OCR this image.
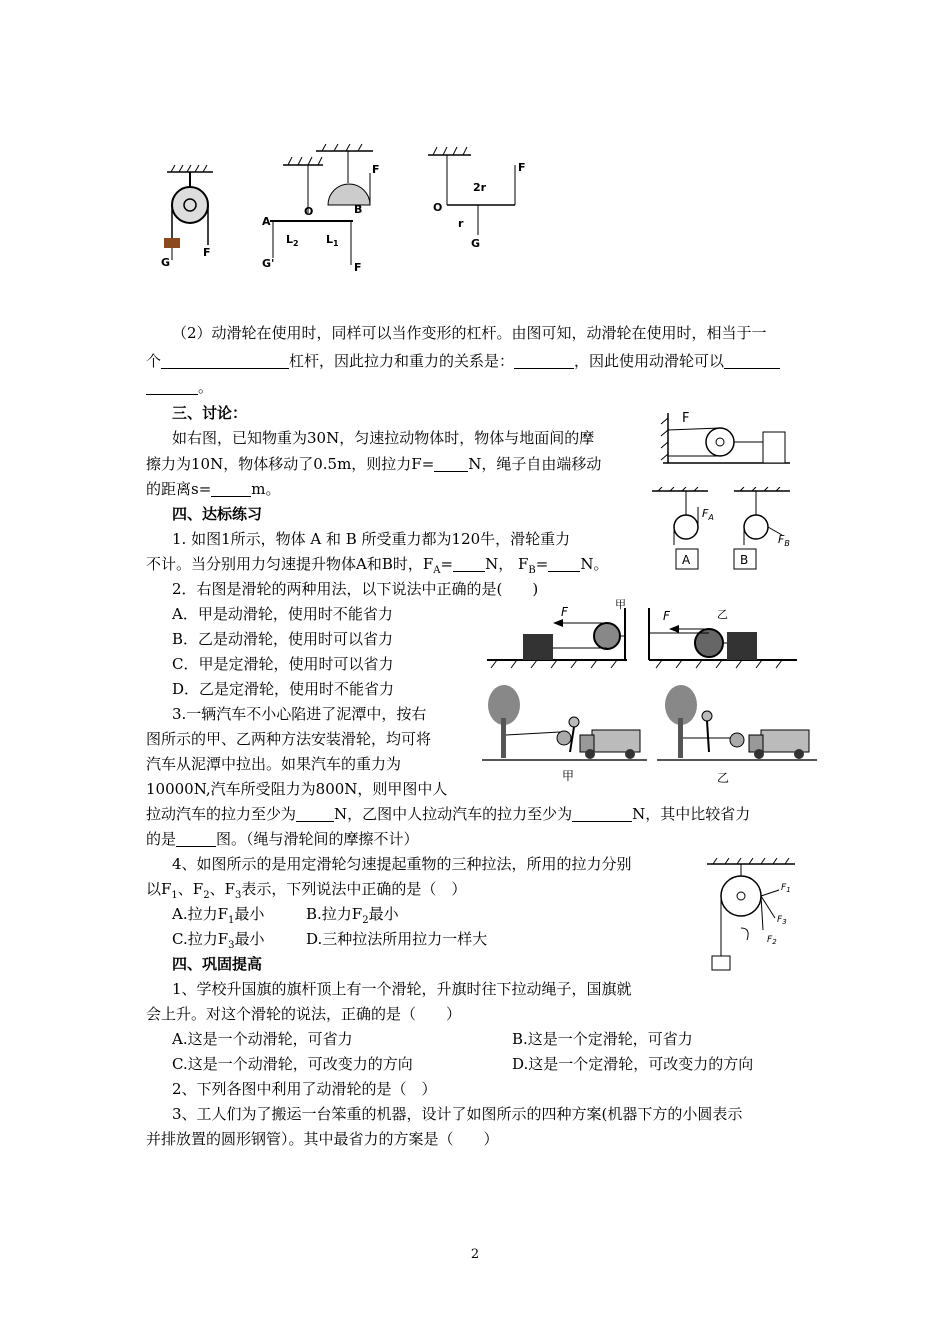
G
F
A
O	B
$L_2$ $L_1$
G'	F
F
O
F
2r
r
G
（2）动滑轮在使用时，同样可以当作变形的杠杆。由图可知，动滑轮在使用时，相当于一
个	杠杆，因此拉力和重力的关系是：	，因此使用动滑轮可以
。
F
三、讨论：
如右图，已知物重为30N，匀速拉动物体时，物体与地面间的摩
擦力为10N，物体移动了0.5m，则拉力F= N，绳子自由端移动
的距离s=	m。
A
$F_A$
B
$F_B$
四、达标练习
1. 如图1所示，物体 A 和 B 所受重力都为120牛，滑轮重力
不计。当分别用力匀速提升物体A和B时，$F_A= N$， $F_B= N$。
2．右图是滑轮的两种用法，以下说法中正确的是(　　)
A．甲是动滑轮，使用时不能省力
B．乙是动滑轮，使用时可以省力
C．甲是定滑轮，使用时可以省力
D．乙是定滑轮，使用时不能省力
F
甲
F	乙
甲	乙
3.一辆汽车不小心陷进了泥潭中，按右
图所示的甲、乙两种方法安装滑轮，均可将
汽车从泥潭中拉出。如果汽车的重力为
10000N,汽车所受阻力为800N，则甲图中人
拉动汽车的拉力至少为	N，乙图中人拉动汽车的拉力至少为	N，其中比较省力
的是	图。（绳与滑轮间的摩擦不计）
$F_1$
$F_2$
$F_3$
4、如图所示的是用定滑轮匀速提起重物的三种拉法，所用的拉力分别
以$F_1$、$F_2$、$F_3$表示，下列说法中正确的是（　）
A.拉力$F_1$最小	B.拉力$F_2$最小
C.拉力$F_3$最小	D.三种拉法所用拉力一样大
四、巩固提高
1、学校升国旗的旗杆顶上有一个滑轮，升旗时往下拉动绳子，国旗就
会上升。对这个滑轮的说法，正确的是（　　）
A.这是一个动滑轮，可省力	B.这是一个定滑轮，可省力
C.这是一个动滑轮，可改变力的方向	D.这是一个定滑轮，可改变力的方向
2、下列各图中利用了动滑轮的是（　）
3、工人们为了搬运一台笨重的机器，设计了如图所示的四种方案(机器下方的小圆表示
并排放置的圆形钢管）。其中最省力的方案是（　　）
2
